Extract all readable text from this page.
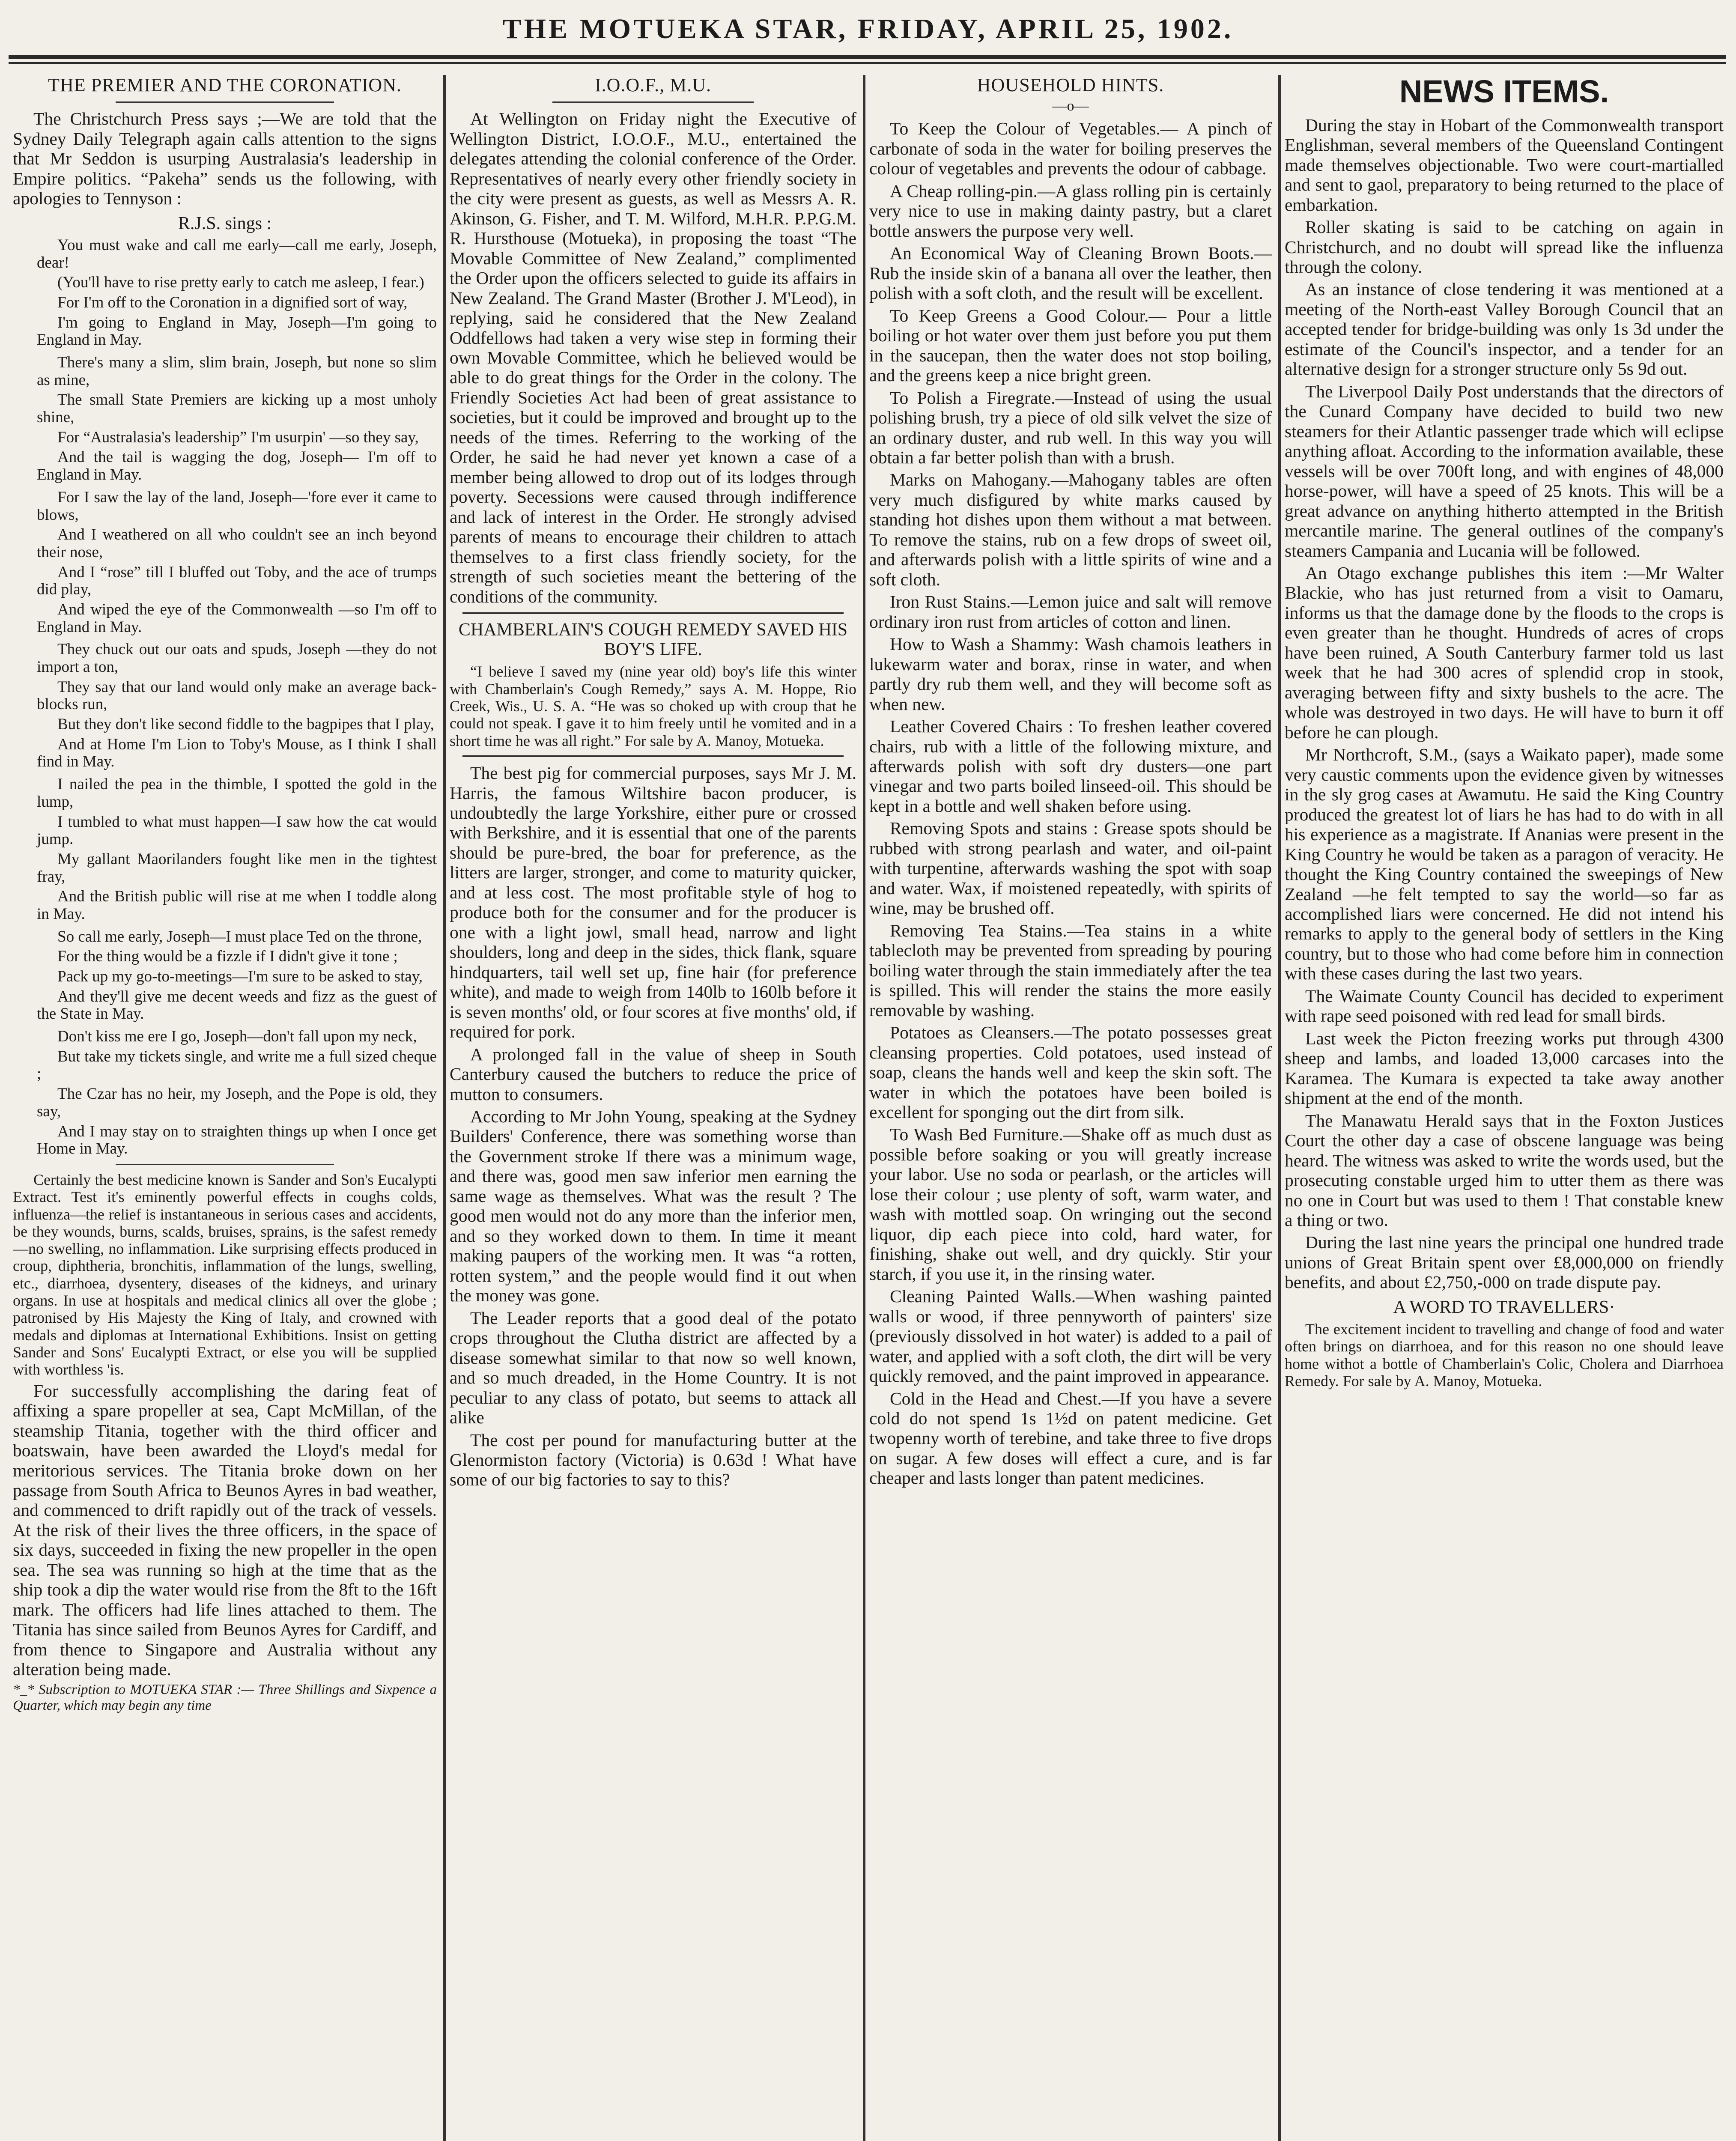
THE MOTUEKA STAR, FRIDAY, APRIL 25, 1902.
THE PREMIER AND THE CORONATION.

The Christchurch Press says ;—We are told that the Sydney Daily Telegraph again calls attention to the signs that Mr Seddon is usurping Australasia's leadership in Empire politics. “Pakeha” sends us the following, with apologies to Tennyson :

R.J.S. sings :

You must wake and call me early—call me early, Joseph, dear!

(You'll have to rise pretty early to catch me asleep, I fear.)

For I'm off to the Coronation in a dignified sort of way,

I'm going to England in May, Joseph—I'm going to England in May.

There's many a slim, slim brain, Joseph, but none so slim as mine,

The small State Premiers are kicking up a most unholy shine,

For “Australasia's leadership” I'm usurpin' —so they say,

And the tail is wagging the dog, Joseph— I'm off to England in May.

For I saw the lay of the land, Joseph—'fore ever it came to blows,

And I weathered on all who couldn't see an inch beyond their nose,

And I “rose” till I bluffed out Toby, and the ace of trumps did play,

And wiped the eye of the Commonwealth —so I'm off to England in May.

They chuck out our oats and spuds, Joseph —they do not import a ton,

They say that our land would only make an average back-blocks run,

But they don't like second fiddle to the bagpipes that I play,

And at Home I'm Lion to Toby's Mouse, as I think I shall find in May.

I nailed the pea in the thimble, I spotted the gold in the lump,

I tumbled to what must happen—I saw how the cat would jump.

My gallant Maorilanders fought like men in the tightest fray,

And the British public will rise at me when I toddle along in May.

So call me early, Joseph—I must place Ted on the throne,

For the thing would be a fizzle if I didn't give it tone ;

Pack up my go-to-meetings—I'm sure to be asked to stay,

And they'll give me decent weeds and fizz as the guest of the State in May.

Don't kiss me ere I go, Joseph—don't fall upon my neck,

But take my tickets single, and write me a full sized cheque ;

The Czar has no heir, my Joseph, and the Pope is old, they say,

And I may stay on to straighten things up when I once get Home in May.

Certainly the best medicine known is Sander and Son's Eucalypti Extract. Test it's eminently powerful effects in coughs colds, influenza—the relief is instantaneous in serious cases and accidents, be they wounds, burns, scalds, bruises, sprains, is the safest remedy—no swelling, no inflammation. Like surprising effects produced in croup, diphtheria, bronchitis, inflammation of the lungs, swelling, etc., diarrhoea, dysentery, diseases of the kidneys, and urinary organs. In use at hospitals and medical clinics all over the globe ; patronised by His Majesty the King of Italy, and crowned with medals and diplomas at International Exhibitions. Insist on getting Sander and Sons' Eucalypti Extract, or else you will be supplied with worthless 'is.

For successfully accomplishing the daring feat of affixing a spare propeller at sea, Capt McMillan, of the steamship Titania, together with the third officer and boatswain, have been awarded the Lloyd's medal for meritorious services. The Titania broke down on her passage from South Africa to Beunos Ayres in bad weather, and commenced to drift rapidly out of the track of vessels. At the risk of their lives the three officers, in the space of six days, succeeded in fixing the new propeller in the open sea. The sea was running so high at the time that as the ship took a dip the water would rise from the 8ft to the 16ft mark. The officers had life lines attached to them. The Titania has since sailed from Beunos Ayres for Cardiff, and from thence to Singapore and Australia without any alteration being made.

*_* Subscription to MOTUEKA STAR :— Three Shillings and Sixpence a Quarter, which may begin any time

I.O.O.F., M.U.

At Wellington on Friday night the Executive of Wellington District, I.O.O.F., M.U., entertained the delegates attending the colonial conference of the Order. Representatives of nearly every other friendly society in the city were present as guests, as well as Messrs A. R. Akinson, G. Fisher, and T. M. Wilford, M.H.R. P.P.G.M. R. Hursthouse (Motueka), in proposing the toast “The Movable Committee of New Zealand,” complimented the Order upon the officers selected to guide its affairs in New Zealand. The Grand Master (Brother J. M'Leod), in replying, said he considered that the New Zealand Oddfellows had taken a very wise step in forming their own Movable Committee, which he believed would be able to do great things for the Order in the colony. The Friendly Societies Act had been of great assistance to societies, but it could be improved and brought up to the needs of the times. Referring to the working of the Order, he said he had never yet known a case of a member being allowed to drop out of its lodges through poverty. Secessions were caused through indifference and lack of interest in the Order. He strongly advised parents of means to encourage their children to attach themselves to a first class friendly society, for the strength of such societies meant the bettering of the conditions of the community.

CHAMBERLAIN'S COUGH REMEDY SAVED HIS BOY'S LIFE.

“I believe I saved my (nine year old) boy's life this winter with Chamberlain's Cough Remedy,” says A. M. Hoppe, Rio Creek, Wis., U. S. A. “He was so choked up with croup that he could not speak. I gave it to him freely until he vomited and in a short time he was all right.” For sale by A. Manoy, Motueka.

The best pig for commercial purposes, says Mr J. M. Harris, the famous Wiltshire bacon producer, is undoubtedly the large Yorkshire, either pure or crossed with Berkshire, and it is essential that one of the parents should be pure-bred, the boar for preference, as the litters are larger, stronger, and come to maturity quicker, and at less cost. The most profitable style of hog to produce both for the consumer and for the producer is one with a light jowl, small head, narrow and light shoulders, long and deep in the sides, thick flank, square hindquarters, tail well set up, fine hair (for preference white), and made to weigh from 140lb to 160lb before it is seven months' old, or four scores at five months' old, if required for pork.

A prolonged fall in the value of sheep in South Canterbury caused the butchers to reduce the price of mutton to consumers.

According to Mr John Young, speaking at the Sydney Builders' Conference, there was something worse than the Government stroke If there was a minimum wage, and there was, good men saw inferior men earning the same wage as themselves. What was the result ? The good men would not do any more than the inferior men, and so they worked down to them. In time it meant making paupers of the working men. It was “a rotten, rotten system,” and the people would find it out when the money was gone.

The Leader reports that a good deal of the potato crops throughout the Clutha district are affected by a disease somewhat similar to that now so well known, and so much dreaded, in the Home Country. It is not peculiar to any class of potato, but seems to attack all alike

The cost per pound for manufacturing butter at the Glenormiston factory (Victoria) is 0.63d ! What have some of our big factories to say to this?

HOUSEHOLD HINTS.
—o—

To Keep the Colour of Vegetables.— A pinch of carbonate of soda in the water for boiling preserves the colour of vegetables and prevents the odour of cabbage.

A Cheap rolling-pin.—A glass rolling pin is certainly very nice to use in making dainty pastry, but a claret bottle answers the purpose very well.

An Economical Way of Cleaning Brown Boots.—Rub the inside skin of a banana all over the leather, then polish with a soft cloth, and the result will be excellent.

To Keep Greens a Good Colour.— Pour a little boiling or hot water over them just before you put them in the saucepan, then the water does not stop boiling, and the greens keep a nice bright green.

To Polish a Firegrate.—Instead of using the usual polishing brush, try a piece of old silk velvet the size of an ordinary duster, and rub well. In this way you will obtain a far better polish than with a brush.

Marks on Mahogany.—Mahogany tables are often very much disfigured by white marks caused by standing hot dishes upon them without a mat between. To remove the stains, rub on a few drops of sweet oil, and afterwards polish with a little spirits of wine and a soft cloth.

Iron Rust Stains.—Lemon juice and salt will remove ordinary iron rust from articles of cotton and linen.

How to Wash a Shammy: Wash chamois leathers in lukewarm water and borax, rinse in water, and when partly dry rub them well, and they will become soft as when new.

Leather Covered Chairs : To freshen leather covered chairs, rub with a little of the following mixture, and afterwards polish with soft dry dusters—one part vinegar and two parts boiled linseed-oil. This should be kept in a bottle and well shaken before using.

Removing Spots and stains : Grease spots should be rubbed with strong pearlash and water, and oil-paint with turpentine, afterwards washing the spot with soap and water. Wax, if moistened repeatedly, with spirits of wine, may be brushed off.

Removing Tea Stains.—Tea stains in a white tablecloth may be prevented from spreading by pouring boiling water through the stain immediately after the tea is spilled. This will render the stains the more easily removable by washing.

Potatoes as Cleansers.—The potato possesses great cleansing properties. Cold potatoes, used instead of soap, cleans the hands well and keep the skin soft. The water in which the potatoes have been boiled is excellent for sponging out the dirt from silk.

To Wash Bed Furniture.—Shake off as much dust as possible before soaking or you will greatly increase your labor. Use no soda or pearlash, or the articles will lose their colour ; use plenty of soft, warm water, and wash with mottled soap. On wringing out the second liquor, dip each piece into cold, hard water, for finishing, shake out well, and dry quickly. Stir your starch, if you use it, in the rinsing water.

Cleaning Painted Walls.—When washing painted walls or wood, if three pennyworth of painters' size (previously dissolved in hot water) is added to a pail of water, and applied with a soft cloth, the dirt will be very quickly removed, and the paint improved in appearance.

Cold in the Head and Chest.—If you have a severe cold do not spend 1s 1½d on patent medicine. Get twopenny worth of terebine, and take three to five drops on sugar. A few doses will effect a cure, and is far cheaper and lasts longer than patent medicines.

NEWS ITEMS.

During the stay in Hobart of the Commonwealth transport Englishman, several members of the Queensland Contingent made themselves objectionable. Two were court-martialled and sent to gaol, preparatory to being returned to the place of embarkation.

Roller skating is said to be catching on again in Christchurch, and no doubt will spread like the influenza through the colony.

As an instance of close tendering it was mentioned at a meeting of the North-east Valley Borough Council that an accepted tender for bridge-building was only 1s 3d under the estimate of the Council's inspector, and a tender for an alternative design for a stronger structure only 5s 9d out.

The Liverpool Daily Post understands that the directors of the Cunard Company have decided to build two new steamers for their Atlantic passenger trade which will eclipse anything afloat. According to the information available, these vessels will be over 700ft long, and with engines of 48,000 horse-power, will have a speed of 25 knots. This will be a great advance on anything hitherto attempted in the British mercantile marine. The general outlines of the company's steamers Campania and Lucania will be followed.

An Otago exchange publishes this item :—Mr Walter Blackie, who has just returned from a visit to Oamaru, informs us that the damage done by the floods to the crops is even greater than he thought. Hundreds of acres of crops have been ruined, A South Canterbury farmer told us last week that he had 300 acres of splendid crop in stook, averaging between fifty and sixty bushels to the acre. The whole was destroyed in two days. He will have to burn it off before he can plough.

Mr Northcroft, S.M., (says a Waikato paper), made some very caustic comments upon the evidence given by witnesses in the sly grog cases at Awamutu. He said the King Country produced the greatest lot of liars he has had to do with in all his experience as a magistrate. If Ananias were present in the King Country he would be taken as a paragon of veracity. He thought the King Country contained the sweepings of New Zealand —he felt tempted to say the world—so far as accomplished liars were concerned. He did not intend his remarks to apply to the general body of settlers in the King country, but to those who had come before him in connection with these cases during the last two years.

The Waimate County Council has decided to experiment with rape seed poisoned with red lead for small birds.

Last week the Picton freezing works put through 4300 sheep and lambs, and loaded 13,000 carcases into the Karamea. The Kumara is expected ta take away another shipment at the end of the month.

The Manawatu Herald says that in the Foxton Justices Court the other day a case of obscene language was being heard. The witness was asked to write the words used, but the prosecuting constable urged him to utter them as there was no one in Court but was used to them ! That constable knew a thing or two.

During the last nine years the principal one hundred trade unions of Great Britain spent over £8,000,000 on friendly benefits, and about £2,750,-000 on trade dispute pay.

A WORD TO TRAVELLERS·

The excitement incident to travelling and change of food and water often brings on diarrhoea, and for this reason no one should leave home withot a bottle of Chamberlain's Colic, Cholera and Diarrhoea Remedy. For sale by A. Manoy, Motueka.
